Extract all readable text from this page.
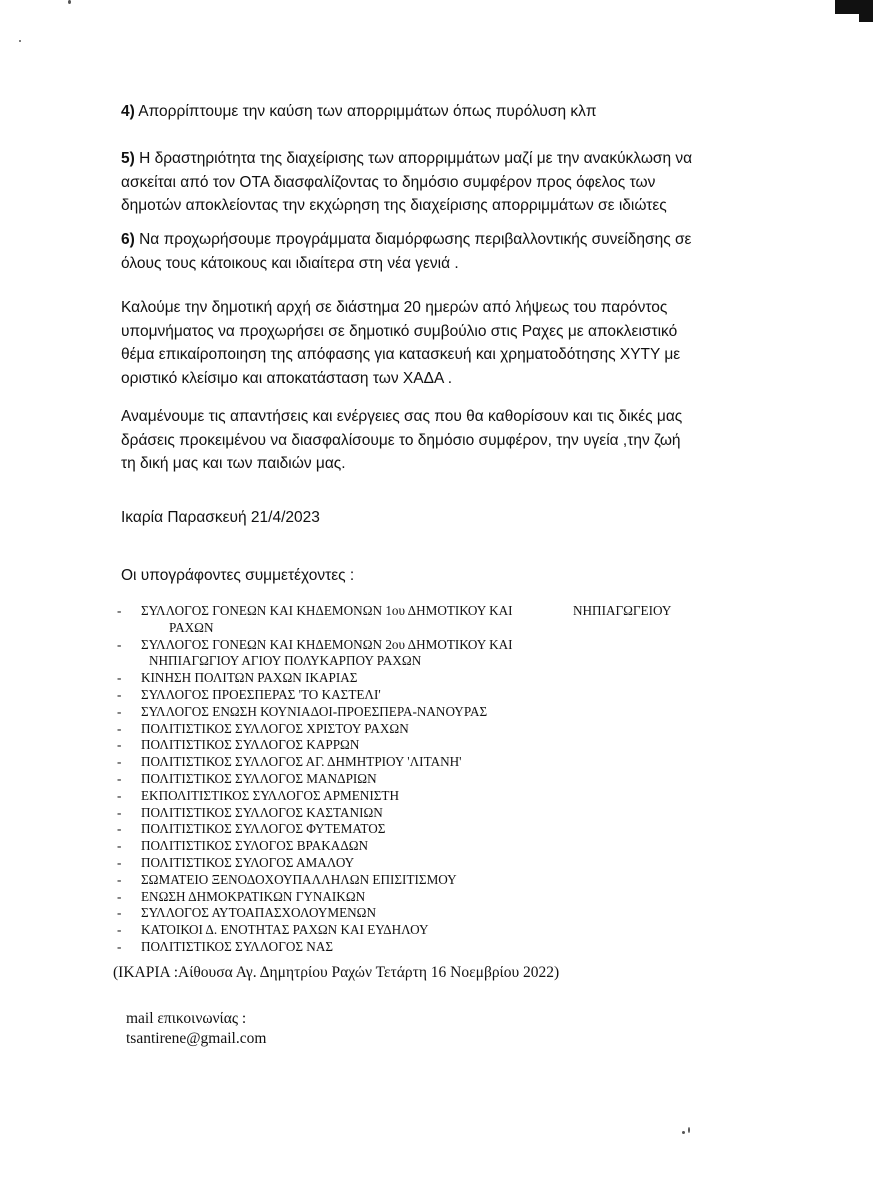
4) Απορρίπτουμε την καύση των απορριμμάτων όπως πυρόλυση κλπ

5) Η δραστηριότητα της διαχείρισης των απορριμμάτων μαζί με την ανακύκλωση να

ασκείται από τον ΟΤΑ διασφαλίζοντας το δημόσιο συμφέρον προς όφελος των

δημοτών αποκλείοντας την εκχώρηση της διαχείρισης απορριμμάτων σε ιδιώτες

6) Να προχωρήσουμε προγράμματα διαμόρφωσης περιβαλλοντικής συνείδησης σε

όλους τους κάτοικους και ιδιαίτερα στη νέα γενιά .

Καλούμε την δημοτική αρχή σε διάστημα 20 ημερών από λήψεως του παρόντος

υπομνήματος να προχωρήσει σε δημοτικό συμβούλιο στις Ραχες με αποκλειστικό

θέμα επικαίροποιηση της απόφασης για κατασκευή και χρηματοδότησης ΧΥΤΥ με

οριστικό κλείσιμο και αποκατάσταση των ΧΑΔΑ .

Αναμένουμε τις απαντήσεις και ενέργειες σας που θα καθορίσουν και τις δικές μας

δράσεις προκειμένου να διασφαλίσουμε το δημόσιο συμφέρον, την υγεία ,την ζωή

τη δική μας και των παιδιών μας.

Ικαρία Παρασκευή 21/4/2023
Οι υπογράφοντες συμμετέχοντες :
ΝΗΠΙΑΓΩΓΕΙΟΥ
-	ΣΥΛΛΟΓΟΣ ΓΟΝΕΩΝ ΚΑΙ ΚΗΔΕΜΟΝΩΝ 1ου ΔΗΜΟΤΙΚΟΥ ΚΑΙ
ΡΑΧΩΝ
-	ΣΥΛΛΟΓΟΣ ΓΟΝΕΩΝ ΚΑΙ ΚΗΔΕΜΟΝΩΝ 2ου ΔΗΜΟΤΙΚΟΥ ΚΑΙ
ΝΗΠΙΑΓΩΓΙΟΥ ΑΓΙΟΥ ΠΟΛΥΚΑΡΠΟΥ ΡΑΧΩΝ
-	ΚΙΝΗΣΗ ΠΟΛΙΤΩΝ ΡΑΧΩΝ ΙΚΑΡΙΑΣ
-	ΣΥΛΛΟΓΟΣ ΠΡΟΕΣΠΕΡΑΣ 'ΤΟ ΚΑΣΤΕΛΙ'
-	ΣΥΛΛΟΓΟΣ ΕΝΩΣΗ ΚΟΥΝΙΑΔΟΙ-ΠΡΟΕΣΠΕΡΑ-ΝΑΝΟΥΡΑΣ
-	ΠΟΛΙΤΙΣΤΙΚΟΣ ΣΥΛΛΟΓΟΣ ΧΡΙΣΤΟΥ ΡΑΧΩΝ
-	ΠΟΛΙΤΙΣΤΙΚΟΣ ΣΥΛΛΟΓΟΣ ΚΑΡΡΩΝ
-	ΠΟΛΙΤΙΣΤΙΚΟΣ ΣΥΛΛΟΓΟΣ ΑΓ. ΔΗΜΗΤΡΙΟΥ 'ΛΙΤΑΝΗ'
-	ΠΟΛΙΤΙΣΤΙΚΟΣ ΣΥΛΛΟΓΟΣ ΜΑΝΔΡΙΩΝ
-	ΕΚΠΟΛΙΤΙΣΤΙΚΟΣ ΣΥΛΛΟΓΟΣ ΑΡΜΕΝΙΣΤΗ
-	ΠΟΛΙΤΙΣΤΙΚΟΣ ΣΥΛΛΟΓΟΣ ΚΑΣΤΑΝΙΩΝ
-	ΠΟΛΙΤΙΣΤΙΚΟΣ ΣΥΛΛΟΓΟΣ ΦΥΤΕΜΑΤΟΣ
-	ΠΟΛΙΤΙΣΤΙΚΟΣ ΣΥΛΟΓΟΣ ΒΡΑΚΑΔΩΝ
-	ΠΟΛΙΤΙΣΤΙΚΟΣ ΣΥΛΟΓΟΣ ΑΜΑΛΟΥ
-	ΣΩΜΑΤΕΙΟ ΞΕΝΟΔΟΧΟΥΠΑΛΛΗΛΩΝ ΕΠΙΣΙΤΙΣΜΟΥ
-	ΕΝΩΣΗ ΔΗΜΟΚΡΑΤΙΚΩΝ ΓΥΝΑΙΚΩΝ
-	ΣΥΛΛΟΓΟΣ ΑΥΤΟΑΠΑΣΧΟΛΟΥΜΕΝΩΝ
-	ΚΑΤΟΙΚΟΙ Δ. ΕΝΟΤΗΤΑΣ ΡΑΧΩΝ ΚΑΙ ΕΥΔΗΛΟΥ
-	ΠΟΛΙΤΙΣΤΙΚΟΣ ΣΥΛΛΟΓΟΣ ΝΑΣ
(ΙΚΑΡΙΑ :Αίθουσα Αγ. Δημητρίου Ραχών Τετάρτη 16 Νοεμβρίου 2022)
mail επικοινωνίας :
tsantirene@gmail.com
